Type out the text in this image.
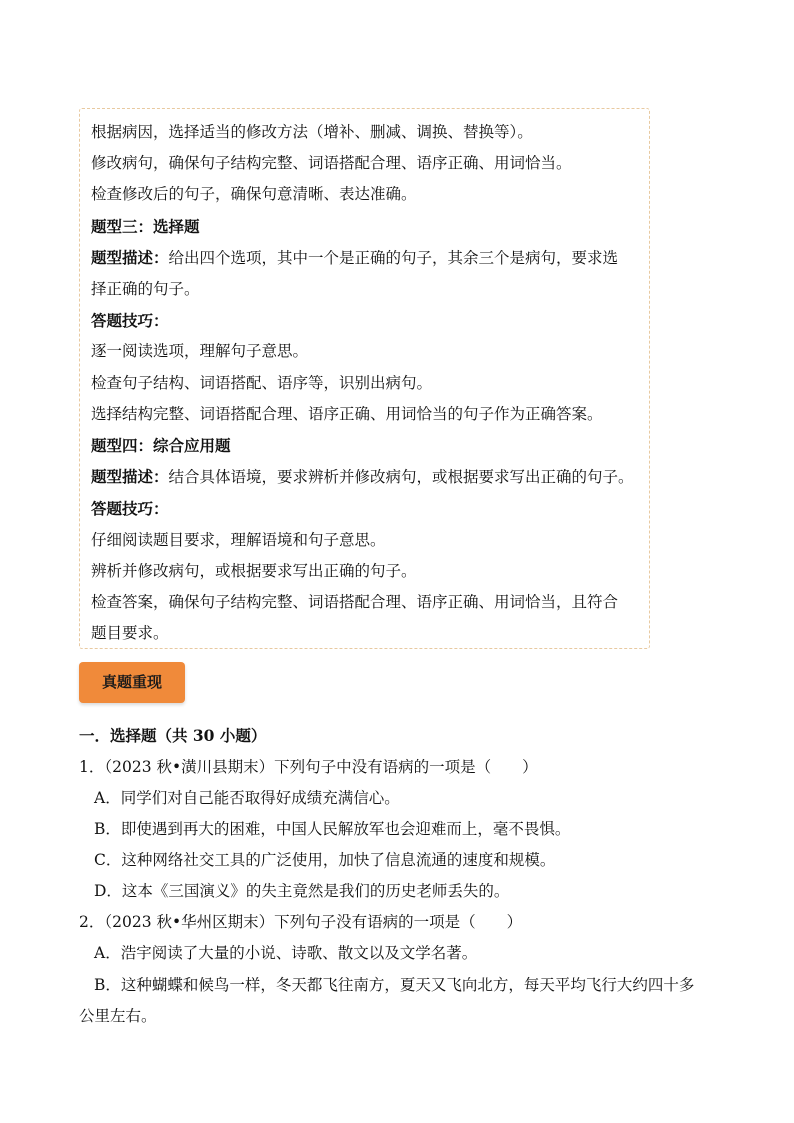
根据病因，选择适当的修改方法（增补、删减、调换、替换等）。
修改病句，确保句子结构完整、词语搭配合理、语序正确、用词恰当。
检查修改后的句子，确保句意清晰、表达准确。
题型三：选择题
题型描述：给出四个选项，其中一个是正确的句子，其余三个是病句，要求选
择正确的句子。
答题技巧：
逐一阅读选项，理解句子意思。
检查句子结构、词语搭配、语序等，识别出病句。
选择结构完整、词语搭配合理、语序正确、用词恰当的句子作为正确答案。
题型四：综合应用题
题型描述：结合具体语境，要求辨析并修改病句，或根据要求写出正确的句子。
答题技巧：
仔细阅读题目要求，理解语境和句子意思。
辨析并修改病句，或根据要求写出正确的句子。
检查答案，确保句子结构完整、词语搭配合理、语序正确、用词恰当，且符合
题目要求。
真题重现
一．选择题（共 30 小题）
1．（2023 秋•潢川县期末）下列句子中没有语病的一项是（　　）
A．同学们对自己能否取得好成绩充满信心。
B．即使遇到再大的困难，中国人民解放军也会迎难而上，毫不畏惧。
C．这种网络社交工具的广泛使用，加快了信息流通的速度和规模。
D．这本《三国演义》的失主竟然是我们的历史老师丢失的。
2．（2023 秋•华州区期末）下列句子没有语病的一项是（　　）
A．浩宇阅读了大量的小说、诗歌、散文以及文学名著。
B．这种蝴蝶和候鸟一样，冬天都飞往南方，夏天又飞向北方，每天平均飞行大约四十多
公里左右。
